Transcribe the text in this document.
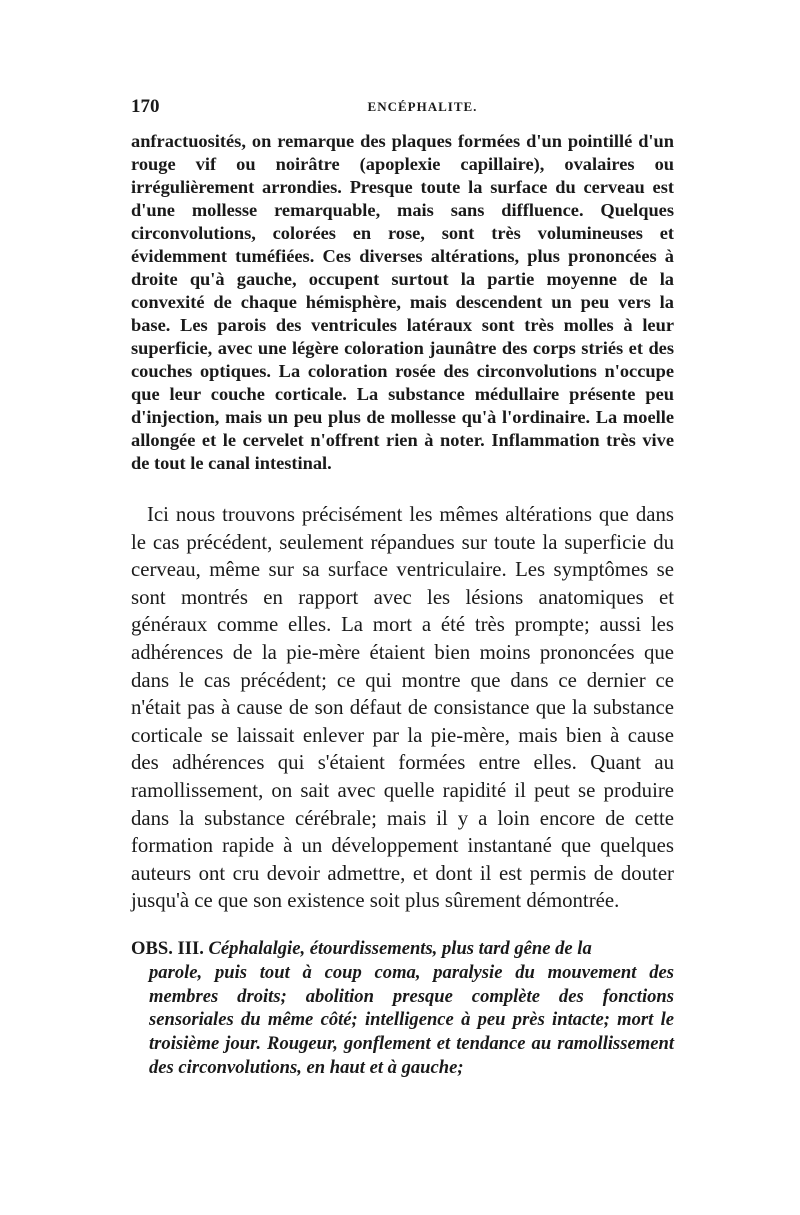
170	ENCÉPHALITE.

anfractuosités, on remarque des plaques formées d'un pointillé d'un rouge vif ou noirâtre (apoplexie capillaire), ovalaires ou irrégulièrement arrondies. Presque toute la surface du cerveau est d'une mollesse remarquable, mais sans diffluence. Quelques circonvolutions, colorées en rose, sont très volumineuses et évidemment tuméfiées. Ces diverses altérations, plus prononcées à droite qu'à gauche, occupent surtout la partie moyenne de la convexité de chaque hémisphère, mais descendent un peu vers la base. Les parois des ventricules latéraux sont très molles à leur superficie, avec une légère coloration jaunâtre des corps striés et des couches optiques. La coloration rosée des circonvolutions n'occupe que leur couche corticale. La substance médullaire présente peu d'injection, mais un peu plus de mollesse qu'à l'ordinaire. La moelle allongée et le cervelet n'offrent rien à noter. Inflammation très vive de tout le canal intestinal.

Ici nous trouvons précisément les mêmes altérations que dans le cas précédent, seulement répandues sur toute la superficie du cerveau, même sur sa surface ventriculaire. Les symptômes se sont montrés en rapport avec les lésions anatomiques et généraux comme elles. La mort a été très prompte; aussi les adhérences de la pie-mère étaient bien moins prononcées que dans le cas précédent; ce qui montre que dans ce dernier ce n'était pas à cause de son défaut de consistance que la substance corticale se laissait enlever par la pie-mère, mais bien à cause des adhérences qui s'étaient formées entre elles. Quant au ramollissement, on sait avec quelle rapidité il peut se produire dans la substance cérébrale; mais il y a loin encore de cette formation rapide à un développement instantané que quelques auteurs ont cru devoir admettre, et dont il est permis de douter jusqu'à ce que son existence soit plus sûrement démontrée.

OBS. III. Céphalalgie, étourdissements, plus tard gêne de la
parole, puis tout à coup coma, paralysie du mouvement des membres droits; abolition presque complète des fonctions sensoriales du même côté; intelligence à peu près intacte; mort le troisième jour. Rougeur, gonflement et tendance au ramollissement des circonvolutions, en haut et à gauche;
